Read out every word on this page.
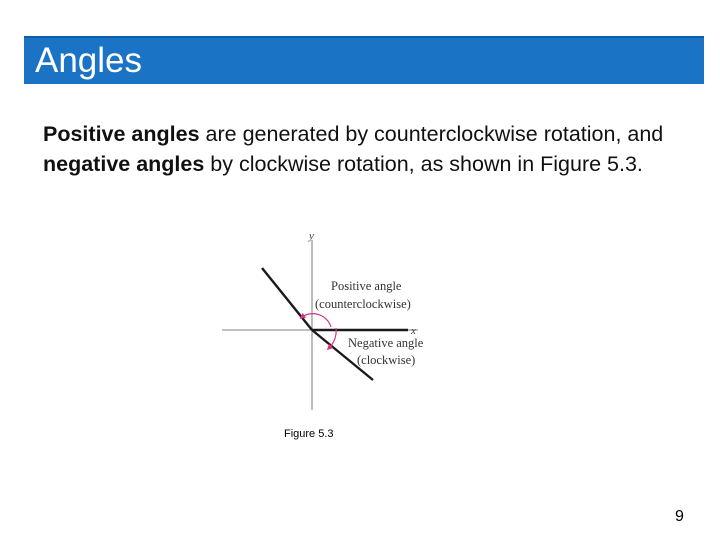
Angles
Positive angles are generated by counterclockwise rotation, and negative angles by clockwise rotation, as shown in Figure 5.3.
y
x
Positive angle
(counterclockwise)
Negative angle
(clockwise)
Figure 5.3
9
